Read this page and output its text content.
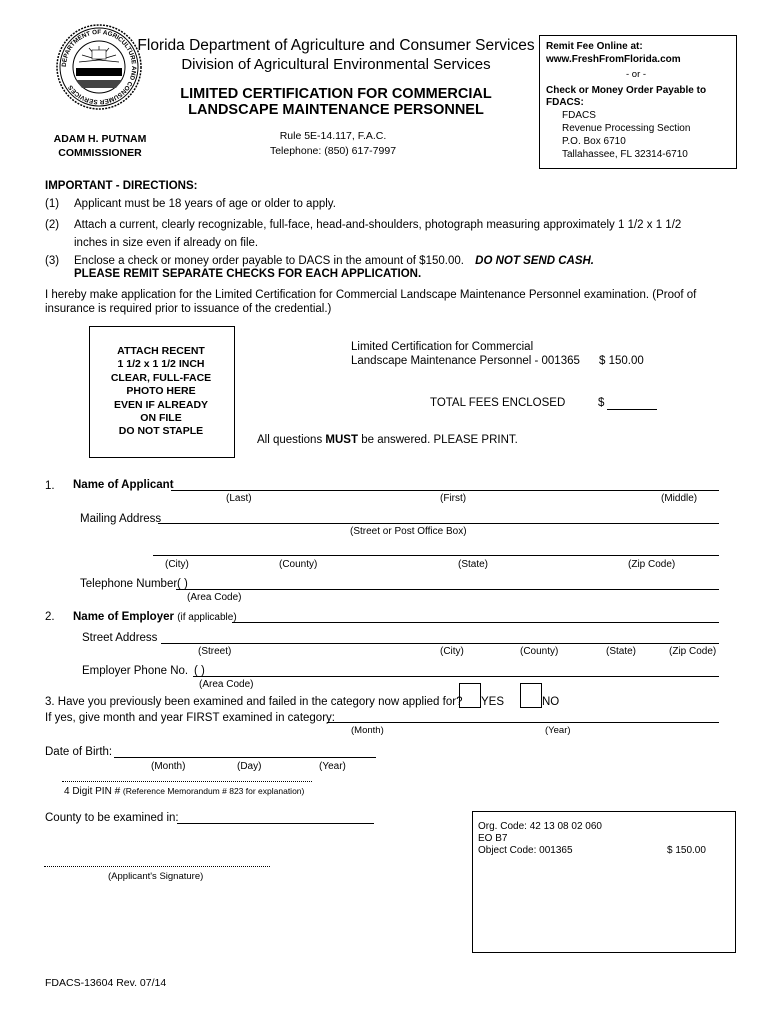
DEPARTMENT OF AGRICULTURE AND CONSUMER SERVICES
Florida Department of Agriculture and Consumer Services
Division of Agricultural Environmental Services
LIMITED CERTIFICATION FOR COMMERCIAL
LANDSCAPE MAINTENANCE PERSONNEL
ADAM H. PUTNAM
COMMISSIONER
Rule 5E-14.117, F.A.C.
Telephone: (850) 617-7997
Remit Fee Online at:
www.FreshFromFlorida.com
- or -
Check or Money Order Payable to
FDACS:
FDACS
Revenue Processing Section
P.O. Box 6710
Tallahassee, FL 32314-6710
IMPORTANT - DIRECTIONS:
(1) Applicant must be 18 years of age or older to apply.
(2) Attach a current, clearly recognizable, full-face, head-and-shoulders, photograph measuring approximately 1 1/2 x 1 1/2
inches in size even if already on file.
(3) Enclose a check or money order payable to DACS in the amount of $150.00. DO NOT SEND CASH.
PLEASE REMIT SEPARATE CHECKS FOR EACH APPLICATION.
I hereby make application for the Limited Certification for Commercial Landscape Maintenance Personnel examination. (Proof of
insurance is required prior to issuance of the credential.)
ATTACH RECENT
1 1/2 x 1 1/2 INCH
CLEAR, FULL-FACE
PHOTO HERE
EVEN IF ALREADY
ON FILE
DO NOT STAPLE
Limited Certification for Commercial
Landscape Maintenance Personnel - 001365 $ 150.00
TOTAL FEES ENCLOSED	$
All questions MUST be answered. PLEASE PRINT.
1. Name of Applicant
(Last)	(First)	(Middle)
Mailing Address
(Street or Post Office Box)
(City)	(County)	(State)	(Zip Code)
Telephone Number ( )
(Area Code)
2. Name of Employer (if applicable)
Street Address
(Street)	(City)	(County)	(State)	(Zip Code)
Employer Phone No. ( )
(Area Code)
3. Have you previously been examined and failed in the category now applied for? YES	NO
If yes, give month and year FIRST examined in category:
(Month)	(Year)
Date of Birth:
(Month)	(Day)	(Year)
4 Digit PIN # (Reference Memorandum # 823 for explanation)
County to be examined in:
(Applicant's Signature)
Org. Code: 42 13 08 02 060
EO B7
Object Code: 001365	$ 150.00
FDACS-13604 Rev. 07/14
